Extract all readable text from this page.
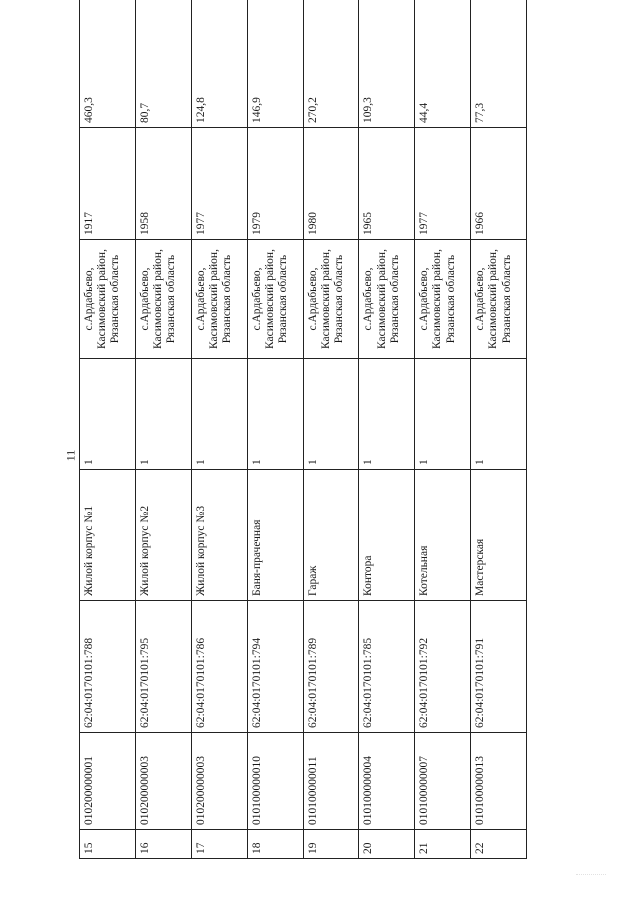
11
15	010200000001	62:04:0170101:788	Жилой корпус №1	1	с.Ардабьево, Касимовский район, Рязанская область	1917	460,3
16	010200000003	62:04:0170101:795	Жилой корпус №2	1	с.Ардабьево, Касимовский район, Рязанская область	1958	80,7
17	010200000003	62:04:0170101:786	Жилой корпус №3	1	с.Ардабьево, Касимовский район, Рязанская область	1977	124,8
18	010100000010	62:04:0170101:794	Баня-прачечная	1	с.Ардабьево, Касимовский район, Рязанская область	1979	146,9
19	010100000011	62:04:0170101:789	Гараж	1	с.Ардабьево, Касимовский район, Рязанская область	1980	270,2
20	010100000004	62:04:0170101:785	Контора	1	с.Ардабьево, Касимовский район, Рязанская область	1965	109,3
21	010100000007	62:04:0170101:792	Котельная	1	с.Ардабьево, Касимовский район, Рязанская область	1977	44,4
22	010100000013	62:04:0170101:791	Мастерская	1	с.Ардабьево, Касимовский район, Рязанская область	1966	77,3
